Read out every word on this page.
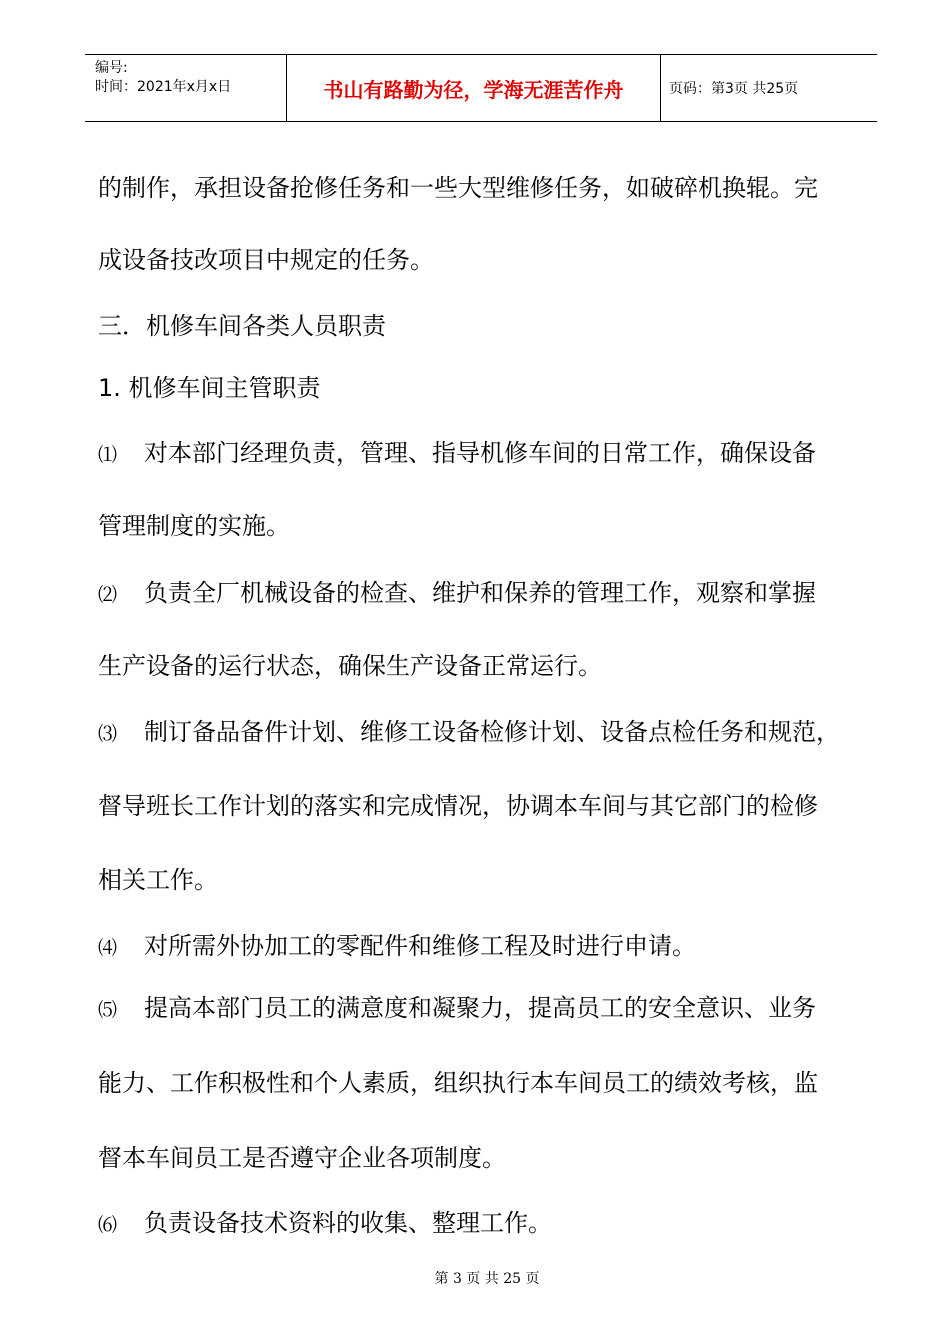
编号:
时间：2021年x月x日	书山有路勤为径，学海无涯苦作舟	页码：第3页 共25页
的制作，承担设备抢修任务和一些大型维修任务，如破碎机换辊。完
成设备技改项目中规定的任务。
三．机修车间各类人员职责
1. 机修车间主管职责
⑴ 对本部门经理负责，管理、指导机修车间的日常工作，确保设备
管理制度的实施。
⑵ 负责全厂机械设备的检查、维护和保养的管理工作，观察和掌握
生产设备的运行状态，确保生产设备正常运行。
⑶ 制订备品备件计划、维修工设备检修计划、设备点检任务和规范，
督导班长工作计划的落实和完成情况，协调本车间与其它部门的检修
相关工作。
⑷ 对所需外协加工的零配件和维修工程及时进行申请。
⑸ 提高本部门员工的满意度和凝聚力，提高员工的安全意识、业务
能力、工作积极性和个人素质，组织执行本车间员工的绩效考核，监
督本车间员工是否遵守企业各项制度。
⑹ 负责设备技术资料的收集、整理工作。
第 3 页 共 25 页
